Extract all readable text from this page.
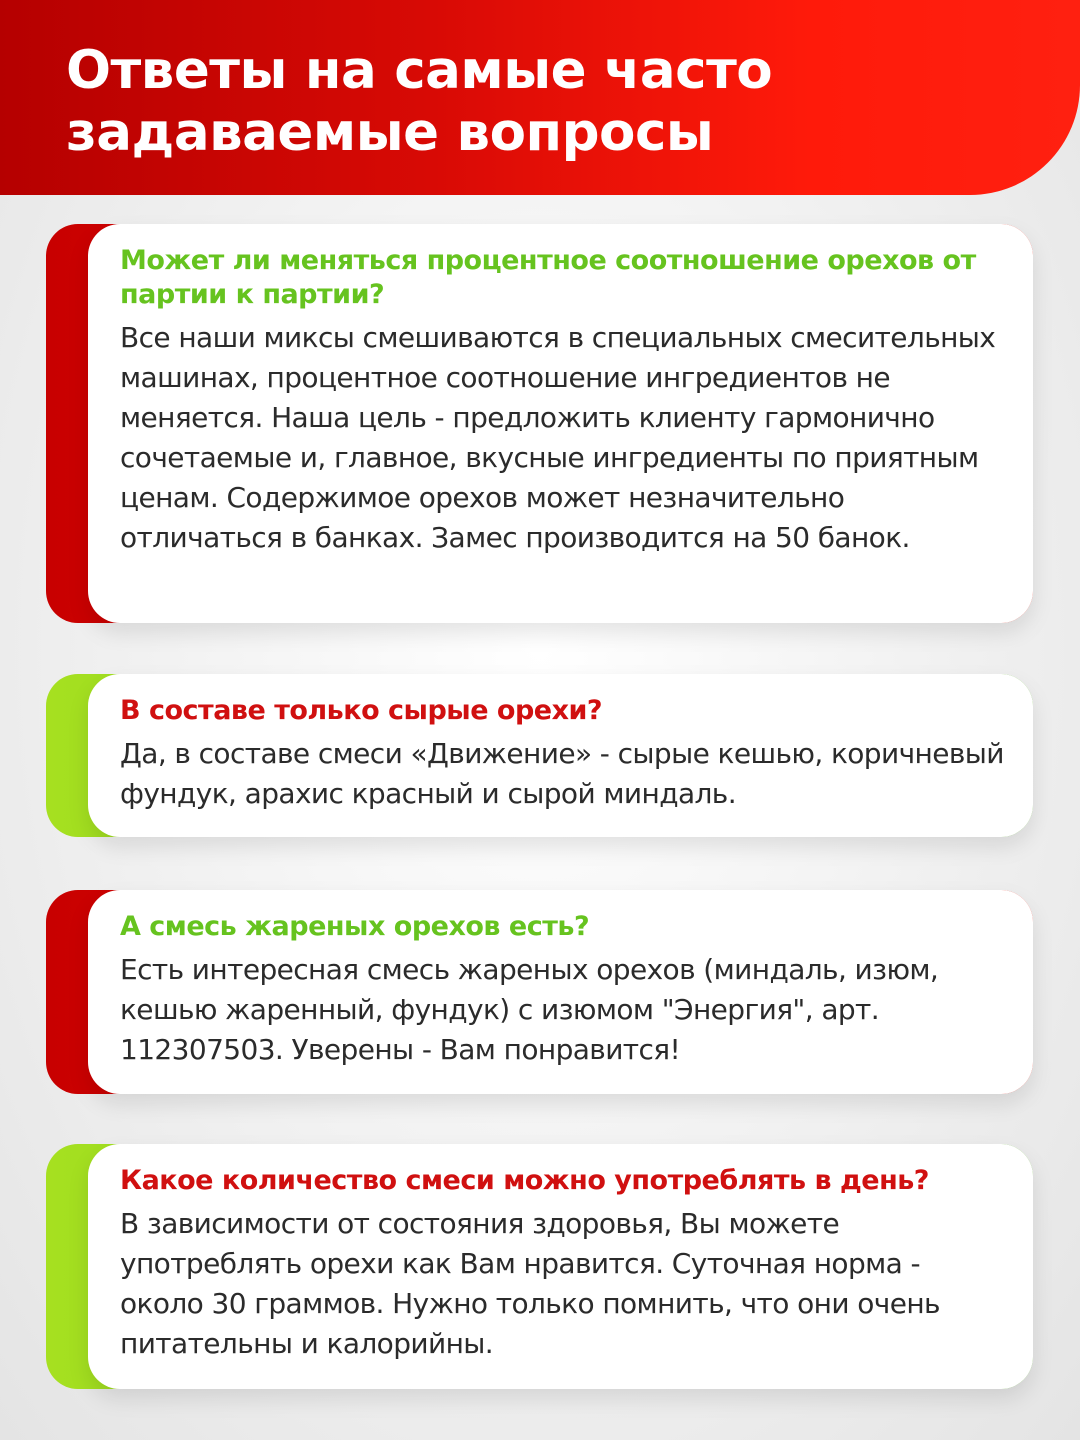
Ответы на самые часто задаваемые вопросы

Может ли меняться процентное соотношение орехов от партии к партии?

Все наши миксы смешиваются в специальных смесительных машинах, процентное соотношение ингредиентов не меняется. Наша цель - предложить клиенту гармонично сочетаемые и, главное, вкусные ингредиенты по приятным ценам. Содержимое орехов может незначительно отличаться в банках. Замес производится на 50 банок.

В составе только сырые орехи?

Да, в составе смеси «Движение» - сырые кешью, коричневый фундук, арахис красный и сырой миндаль.

А смесь жареных орехов есть?

Есть интересная смесь жареных орехов (миндаль, изюм, кешью жаренный, фундук) с изюмом "Энергия", арт. 112307503. Уверены - Вам понравится!

Какое количество смеси можно употреблять в день?

В зависимости от состояния здоровья, Вы можете употреблять орехи как Вам нравится. Суточная норма - около 30 граммов. Нужно только помнить, что они очень питательны и калорийны.
